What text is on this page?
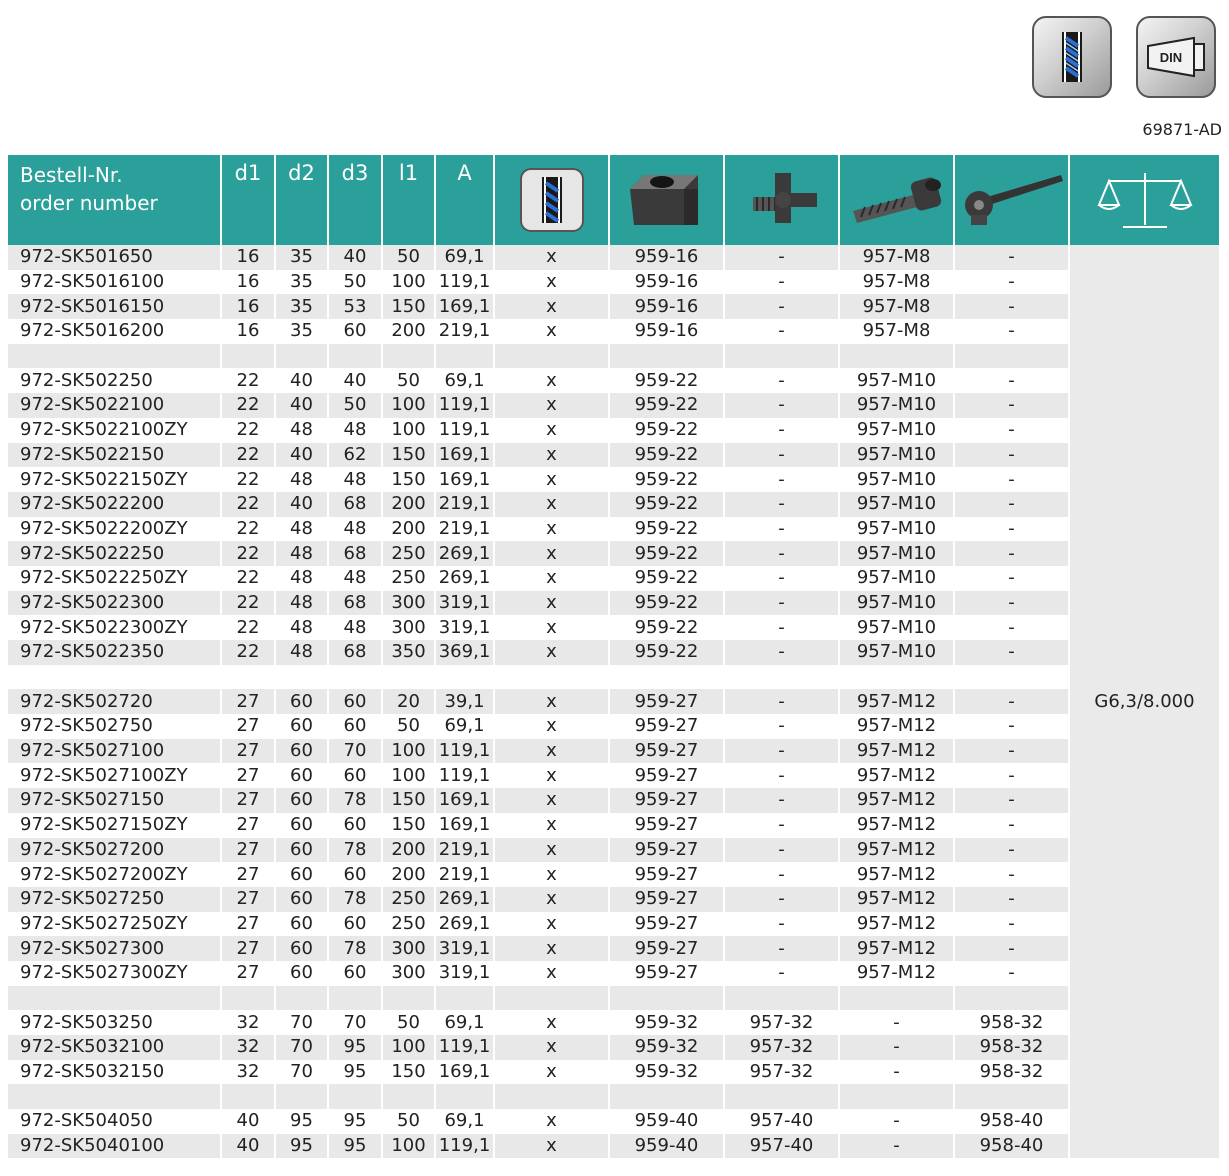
DIN
69871-AD
Bestell-Nr.
order number	d1	d2	d3	l1	A

972-SK501650	16	35	40	50	69,1	x	959-16	-	957-M8	-	G6,3/8.000
972-SK5016100	16	35	50	100	119,1	x	959-16	-	957-M8	-	
972-SK5016150	16	35	53	150	169,1	x	959-16	-	957-M8	-	
972-SK5016200	16	35	60	200	219,1	x	959-16	-	957-M8	-	

972-SK502250	22	40	40	50	69,1	x	959-22	-	957-M10	-	
972-SK5022100	22	40	50	100	119,1	x	959-22	-	957-M10	-	
972-SK5022100ZY	22	48	48	100	119,1	x	959-22	-	957-M10	-	
972-SK5022150	22	40	62	150	169,1	x	959-22	-	957-M10	-	
972-SK5022150ZY	22	48	48	150	169,1	x	959-22	-	957-M10	-	
972-SK5022200	22	40	68	200	219,1	x	959-22	-	957-M10	-	
972-SK5022200ZY	22	48	48	200	219,1	x	959-22	-	957-M10	-	
972-SK5022250	22	48	68	250	269,1	x	959-22	-	957-M10	-	
972-SK5022250ZY	22	48	48	250	269,1	x	959-22	-	957-M10	-	
972-SK5022300	22	48	68	300	319,1	x	959-22	-	957-M10	-	
972-SK5022300ZY	22	48	48	300	319,1	x	959-22	-	957-M10	-	
972-SK5022350	22	48	68	350	369,1	x	959-22	-	957-M10	-	

972-SK502720	27	60	60	20	39,1	x	959-27	-	957-M12	-	
972-SK502750	27	60	60	50	69,1	x	959-27	-	957-M12	-	
972-SK5027100	27	60	70	100	119,1	x	959-27	-	957-M12	-	
972-SK5027100ZY	27	60	60	100	119,1	x	959-27	-	957-M12	-	
972-SK5027150	27	60	78	150	169,1	x	959-27	-	957-M12	-	
972-SK5027150ZY	27	60	60	150	169,1	x	959-27	-	957-M12	-	
972-SK5027200	27	60	78	200	219,1	x	959-27	-	957-M12	-	
972-SK5027200ZY	27	60	60	200	219,1	x	959-27	-	957-M12	-	
972-SK5027250	27	60	78	250	269,1	x	959-27	-	957-M12	-	
972-SK5027250ZY	27	60	60	250	269,1	x	959-27	-	957-M12	-	
972-SK5027300	27	60	78	300	319,1	x	959-27	-	957-M12	-	
972-SK5027300ZY	27	60	60	300	319,1	x	959-27	-	957-M12	-	

972-SK503250	32	70	70	50	69,1	x	959-32	957-32	-	958-32	
972-SK5032100	32	70	95	100	119,1	x	959-32	957-32	-	958-32	
972-SK5032150	32	70	95	150	169,1	x	959-32	957-32	-	958-32	

972-SK504050	40	95	95	50	69,1	x	959-40	957-40	-	958-40	
972-SK5040100	40	95	95	100	119,1	x	959-40	957-40	-	958-40	
